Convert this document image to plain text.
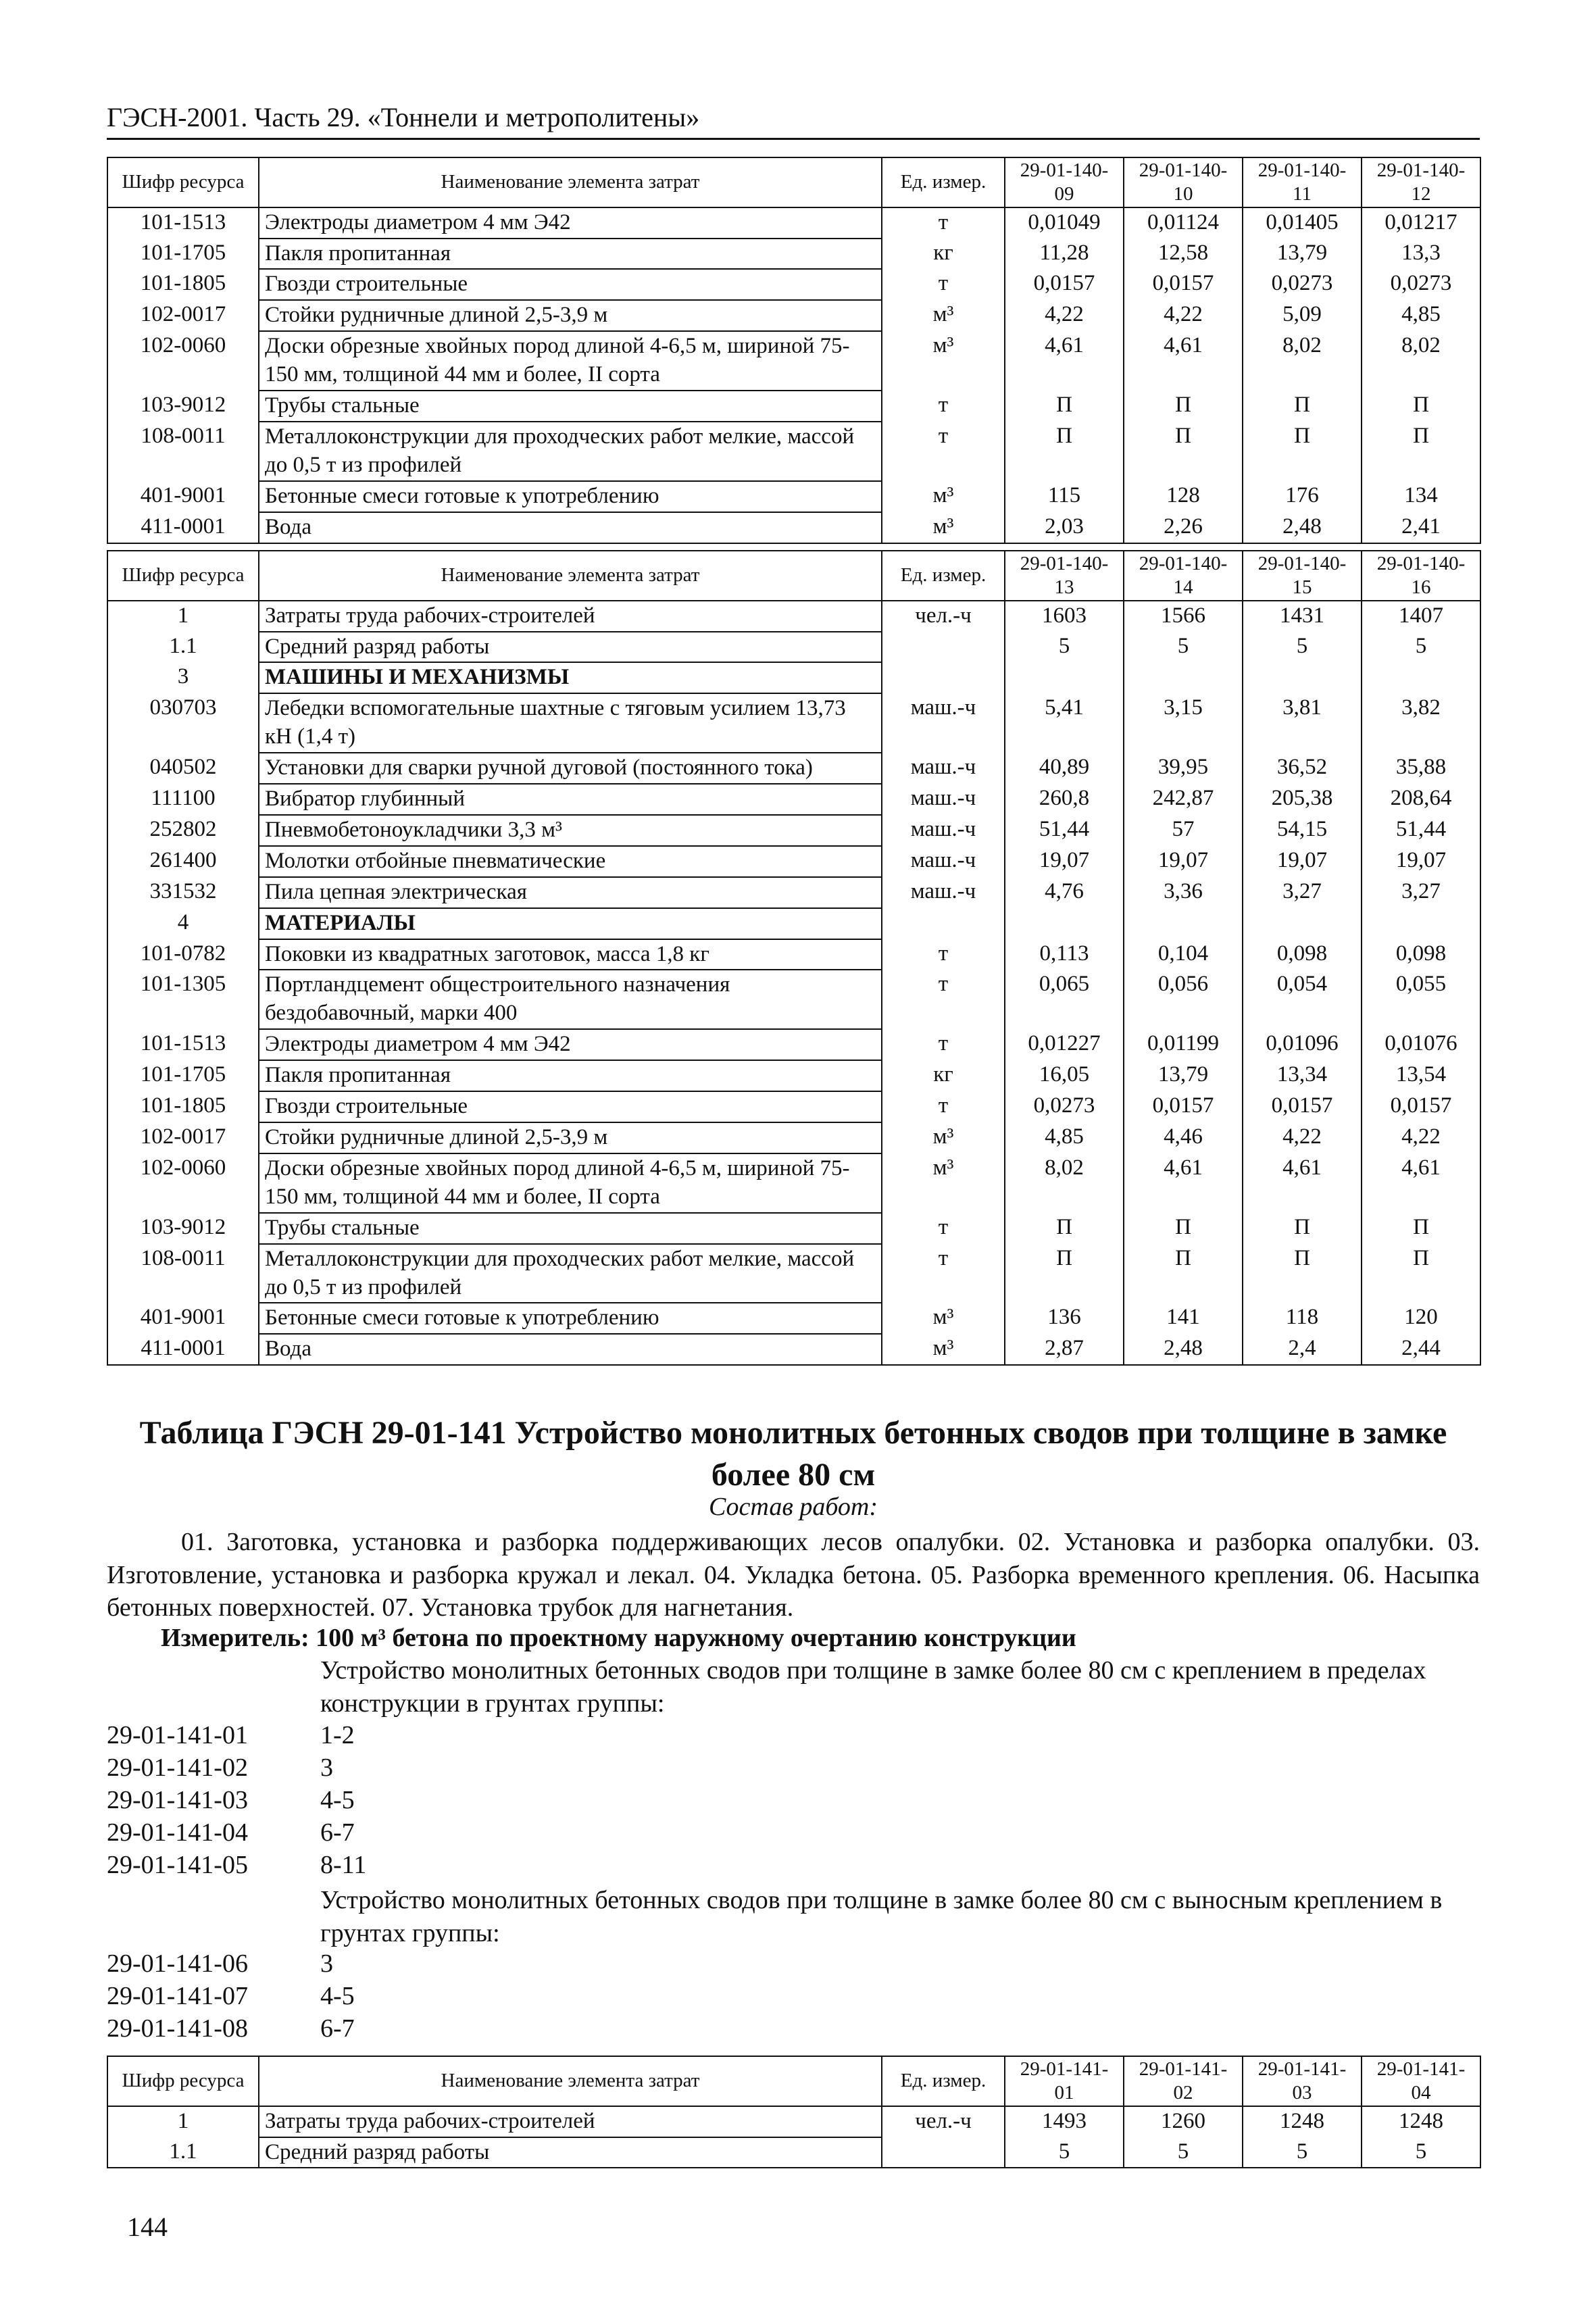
ГЭСН-2001. Часть 29. «Тоннели и метрополитены»
Шифр ресурса	Наименование элемента затрат	Ед. измер.	29-01-140-09	29-01-140-10	29-01-140-11	29-01-140-12
101-1513	Электроды диаметром 4 мм Э42	т	0,01049	0,01124	0,01405	0,01217
101-1705	Пакля пропитанная	кг	11,28	12,58	13,79	13,3
101-1805	Гвозди строительные	т	0,0157	0,0157	0,0273	0,0273
102-0017	Стойки рудничные длиной 2,5-3,9 м	м³	4,22	4,22	5,09	4,85
102-0060	Доски обрезные хвойных пород длиной 4-6,5 м, шириной 75-150 мм, толщиной 44 мм и более, II сорта	м³	4,61	4,61	8,02	8,02
103-9012	Трубы стальные	т	П	П	П	П
108-0011	Металлоконструкции для проходческих работ мелкие, массой до 0,5 т из профилей	т	П	П	П	П
401-9001	Бетонные смеси готовые к употреблению	м³	115	128	176	134
411-0001	Вода	м³	2,03	2,26	2,48	2,41
Шифр ресурса	Наименование элемента затрат	Ед. измер.	29-01-140-13	29-01-140-14	29-01-140-15	29-01-140-16
1	Затраты труда рабочих-строителей	чел.-ч	1603	1566	1431	1407
1.1	Средний разряд работы		5	5	5	5
3	МАШИНЫ И МЕХАНИЗМЫ					
030703	Лебедки вспомогательные шахтные с тяговым усилием 13,73 кН (1,4 т)	маш.-ч	5,41	3,15	3,81	3,82
040502	Установки для сварки ручной дуговой (постоянного тока)	маш.-ч	40,89	39,95	36,52	35,88
111100	Вибратор глубинный	маш.-ч	260,8	242,87	205,38	208,64
252802	Пневмобетоноукладчики 3,3 м³	маш.-ч	51,44	57	54,15	51,44
261400	Молотки отбойные пневматические	маш.-ч	19,07	19,07	19,07	19,07
331532	Пила цепная электрическая	маш.-ч	4,76	3,36	3,27	3,27
4	МАТЕРИАЛЫ					
101-0782	Поковки из квадратных заготовок, масса 1,8 кг	т	0,113	0,104	0,098	0,098
101-1305	Портландцемент общестроительного назначения бездобавочный, марки 400	т	0,065	0,056	0,054	0,055
101-1513	Электроды диаметром 4 мм Э42	т	0,01227	0,01199	0,01096	0,01076
101-1705	Пакля пропитанная	кг	16,05	13,79	13,34	13,54
101-1805	Гвозди строительные	т	0,0273	0,0157	0,0157	0,0157
102-0017	Стойки рудничные длиной 2,5-3,9 м	м³	4,85	4,46	4,22	4,22
102-0060	Доски обрезные хвойных пород длиной 4-6,5 м, шириной 75-150 мм, толщиной 44 мм и более, II сорта	м³	8,02	4,61	4,61	4,61
103-9012	Трубы стальные	т	П	П	П	П
108-0011	Металлоконструкции для проходческих работ мелкие, массой до 0,5 т из профилей	т	П	П	П	П
401-9001	Бетонные смеси готовые к употреблению	м³	136	141	118	120
411-0001	Вода	м³	2,87	2,48	2,4	2,44
Таблица ГЭСН 29-01-141 Устройство монолитных бетонных сводов при толщине в замке более 80 см
Состав работ:
01. Заготовка, установка и разборка поддерживающих лесов опалубки. 02. Установка и разборка опалубки. 03. Изготовление, установка и разборка кружал и лекал. 04. Укладка бетона. 05. Разборка временного крепления. 06. Насыпка бетонных поверхностей. 07. Установка трубок для нагнетания.
Измеритель: 100 м³ бетона по проектному наружному очертанию конструкции
Устройство монолитных бетонных сводов при толщине в замке более 80 см с креплением в пределах конструкции в грунтах группы:
29-01-141-01	1-2
29-01-141-02	3
29-01-141-03	4-5
29-01-141-04	6-7
29-01-141-05	8-11
Устройство монолитных бетонных сводов при толщине в замке более 80 см с выносным креплением в грунтах группы:
29-01-141-06	3
29-01-141-07	4-5
29-01-141-08	6-7
Шифр ресурса	Наименование элемента затрат	Ед. измер.	29-01-141-01	29-01-141-02	29-01-141-03	29-01-141-04
1	Затраты труда рабочих-строителей	чел.-ч	1493	1260	1248	1248
1.1	Средний разряд работы		5	5	5	5
144
